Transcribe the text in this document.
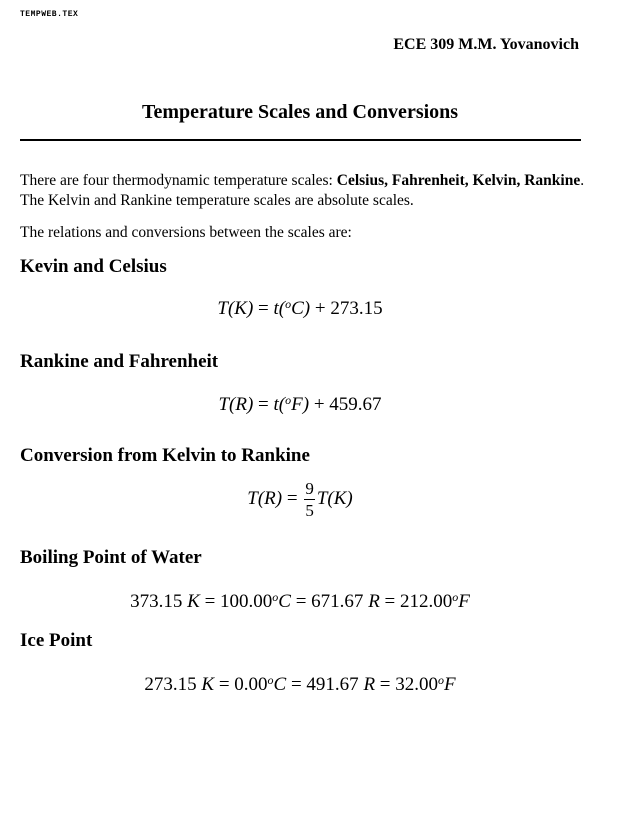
TEMPWEB.TEX
ECE 309 M.M. Yovanovich
Temperature Scales and Conversions
There are four thermodynamic temperature scales: Celsius, Fahrenheit, Kelvin, Rankine. The Kelvin and Rankine temperature scales are absolute scales.
The relations and conversions between the scales are:
Kevin and Celsius
T(K) = t($^o$C) + 273.15
Rankine and Fahrenheit
T(R) = t($^o$F) + 459.67
Conversion from Kelvin to Rankine
$T(R) = \frac{9}{5} T(K)$
Boiling Point of Water
373.15 $K = 100.00^oC = 671.67$ $R = 212.00^oF$
Ice Point
273.15 $K = 0.00^oC = 491.67$ $R = 32.00^oF$
